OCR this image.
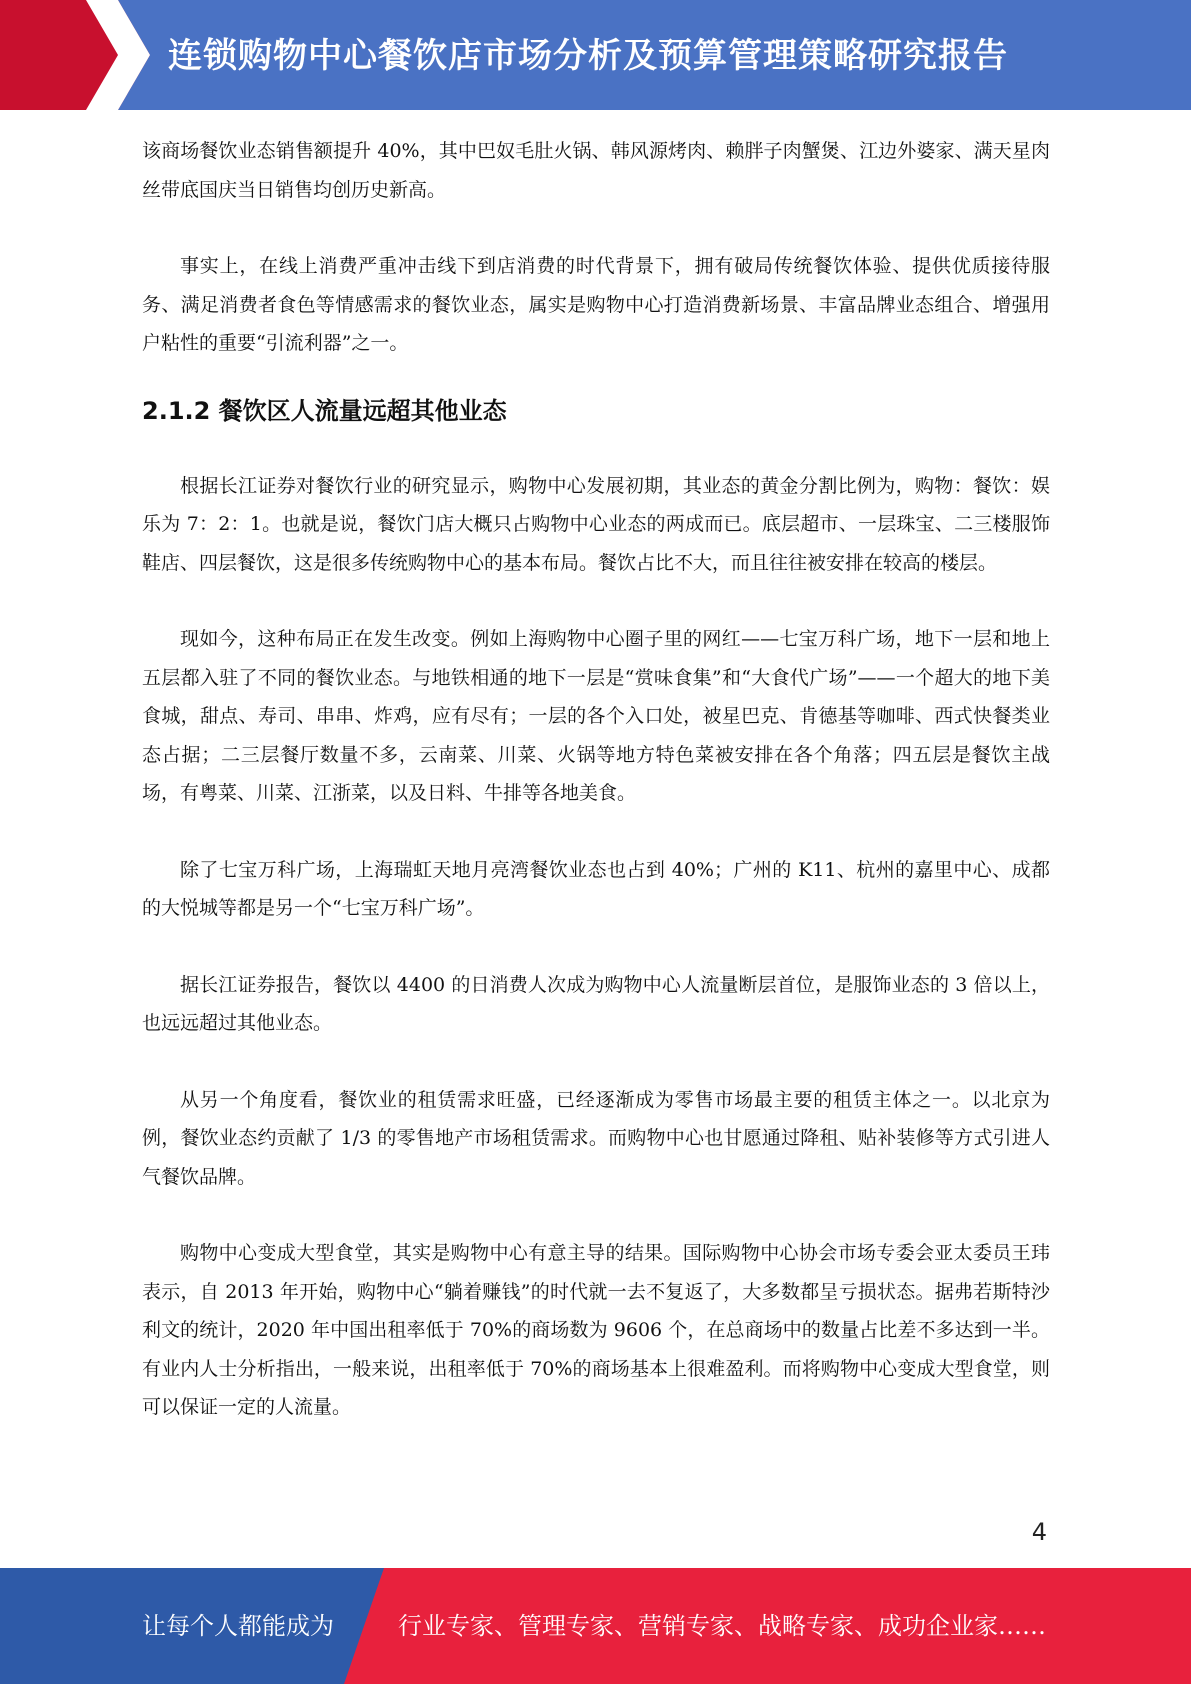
连锁购物中心餐饮店市场分析及预算管理策略研究报告

该商场餐饮业态销售额提升 40%，其中巴奴毛肚火锅、韩风源烤肉、赖胖子肉蟹煲、江边外婆家、满天星肉丝带底国庆当日销售均创历史新高。

事实上，在线上消费严重冲击线下到店消费的时代背景下，拥有破局传统餐饮体验、提供优质接待服务、满足消费者食色等情感需求的餐饮业态，属实是购物中心打造消费新场景、丰富品牌业态组合、增强用户粘性的重要“引流利器”之一。

2.1.2 餐饮区人流量远超其他业态

根据长江证券对餐饮行业的研究显示，购物中心发展初期，其业态的黄金分割比例为，购物：餐饮：娱乐为 7：2：1。也就是说，餐饮门店大概只占购物中心业态的两成而已。底层超市、一层珠宝、二三楼服饰鞋店、四层餐饮，这是很多传统购物中心的基本布局。餐饮占比不大，而且往往被安排在较高的楼层。

现如今，这种布局正在发生改变。例如上海购物中心圈子里的网红——七宝万科广场，地下一层和地上五层都入驻了不同的餐饮业态。与地铁相通的地下一层是“赏味食集”和“大食代广场”——一个超大的地下美食城，甜点、寿司、串串、炸鸡，应有尽有；一层的各个入口处，被星巴克、肯德基等咖啡、西式快餐类业态占据；二三层餐厅数量不多，云南菜、川菜、火锅等地方特色菜被安排在各个角落；四五层是餐饮主战场，有粤菜、川菜、江浙菜，以及日料、牛排等各地美食。

除了七宝万科广场，上海瑞虹天地月亮湾餐饮业态也占到 40%；广州的 K11、杭州的嘉里中心、成都的大悦城等都是另一个“七宝万科广场”。

据长江证券报告，餐饮以 4400 的日消费人次成为购物中心人流量断层首位，是服饰业态的 3 倍以上，也远远超过其他业态。

从另一个角度看，餐饮业的租赁需求旺盛，已经逐渐成为零售市场最主要的租赁主体之一。以北京为例，餐饮业态约贡献了 1/3 的零售地产市场租赁需求。而购物中心也甘愿通过降租、贴补装修等方式引进人气餐饮品牌。

购物中心变成大型食堂，其实是购物中心有意主导的结果。国际购物中心协会市场专委会亚太委员王玮表示，自 2013 年开始，购物中心“躺着赚钱”的时代就一去不复返了，大多数都呈亏损状态。据弗若斯特沙利文的统计，2020 年中国出租率低于 70%的商场数为 9606 个，在总商场中的数量占比差不多达到一半。有业内人士分析指出，一般来说，出租率低于 70%的商场基本上很难盈利。而将购物中心变成大型食堂，则可以保证一定的人流量。

4
让每个人都能成为	行业专家、管理专家、营销专家、战略专家、成功企业家……
